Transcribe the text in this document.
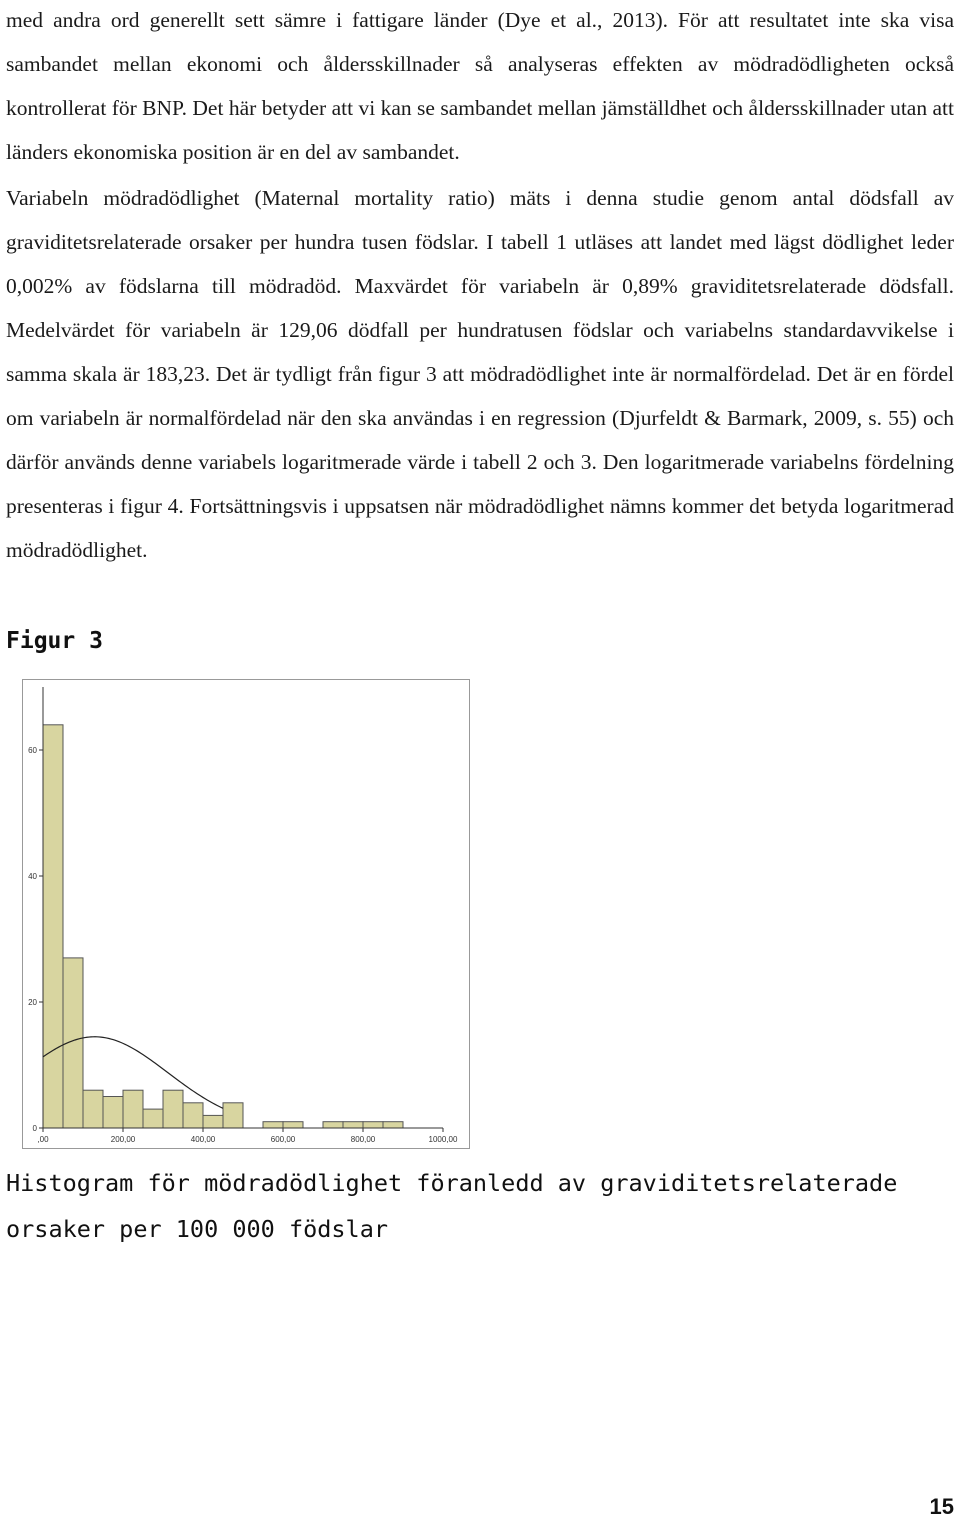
med andra ord generellt sett sämre i fattigare länder (Dye et al., 2013). För att resultatet inte ska visa sambandet mellan ekonomi och åldersskillnader så analyseras effekten av mödradödligheten också kontrollerat för BNP. Det här betyder att vi kan se sambandet mellan jämställdhet och åldersskillnader utan att länders ekonomiska position är en del av sambandet.

Variabeln mödradödlighet (Maternal mortality ratio) mäts i denna studie genom antal dödsfall av graviditetsrelaterade orsaker per hundra tusen födslar. I tabell 1 utläses att landet med lägst dödlighet leder 0,002% av födslarna till mödradöd. Maxvärdet för variabeln är 0,89% graviditetsrelaterade dödsfall. Medelvärdet för variabeln är 129,06 dödfall per hundratusen födslar och variabelns standardavvikelse i samma skala är 183,23. Det är tydligt från figur 3 att mödradödlighet inte är normalfördelad. Det är en fördel om variabeln är normalfördelad när den ska användas i en regression (Djurfeldt & Barmark, 2009, s. 55) och därför används denne variabels logaritmerade värde i tabell 2 och 3. Den logaritmerade variabelns fördelning presenteras i figur 4. Fortsättningsvis i uppsatsen när mödradödlighet nämns kommer det betyda logaritmerad mödradödlighet.

Figur 3

,00	200,00	400,00	600,00	800,00	1000,00
0
20
40
60

Histogram för mödradödlighet föranledd av graviditetsrelaterade orsaker per 100 000 födslar

15
